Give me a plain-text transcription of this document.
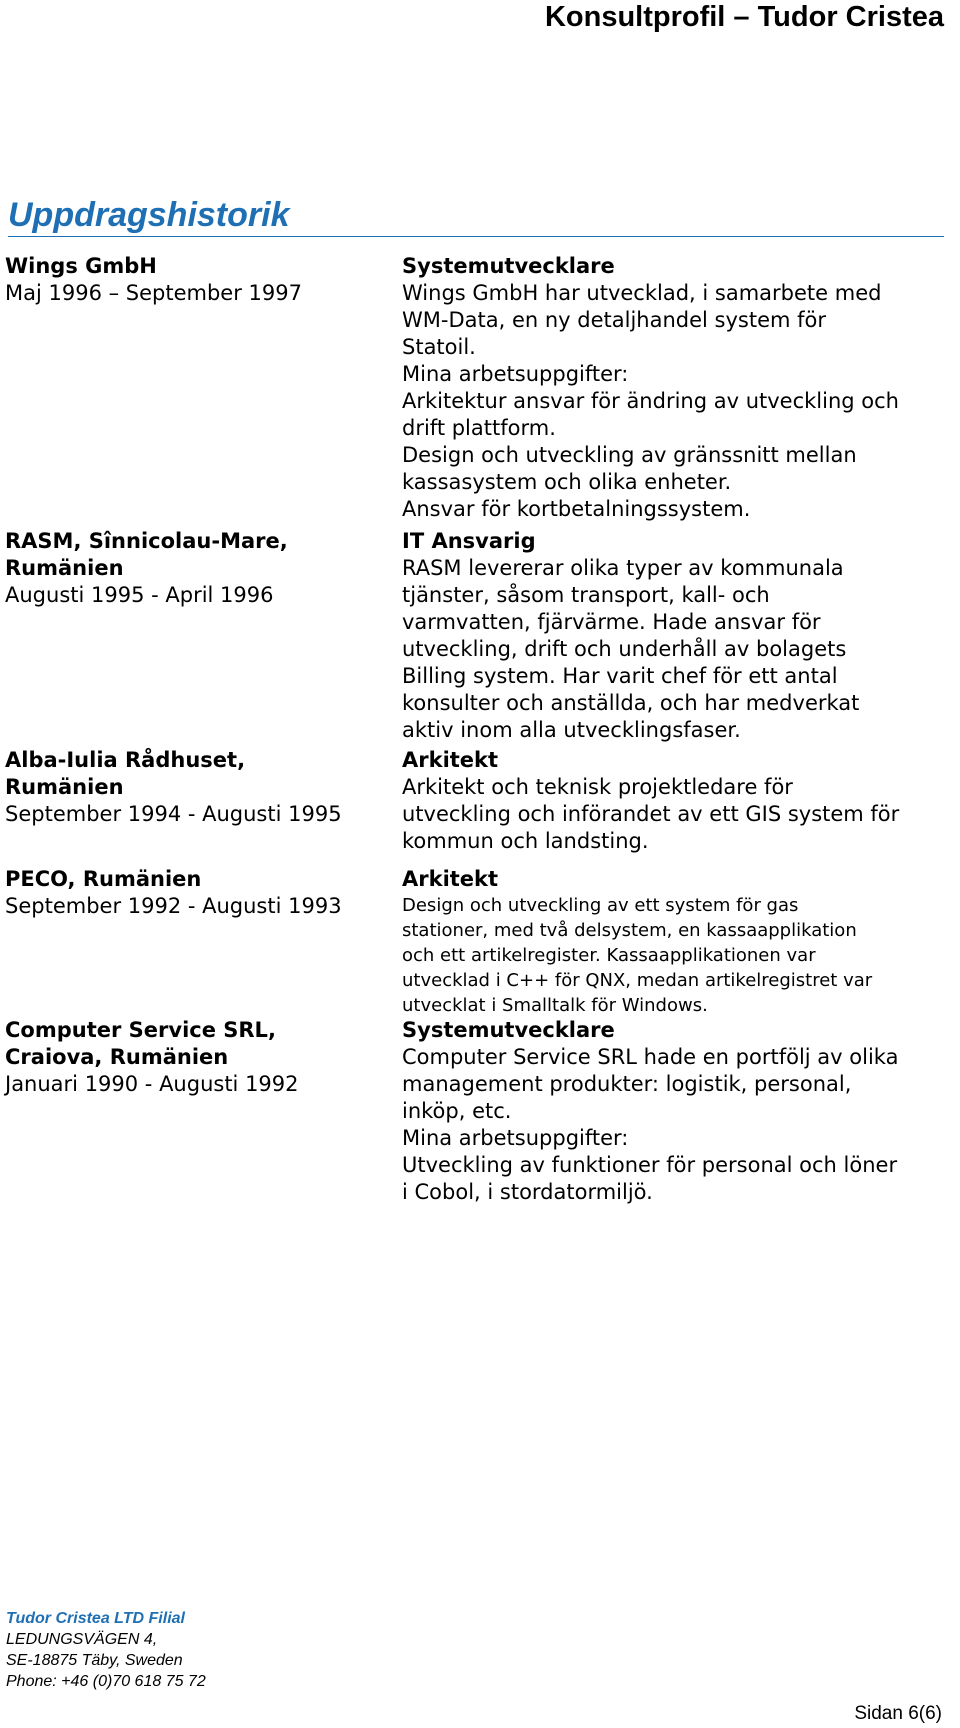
Konsultprofil – Tudor Cristea
Uppdragshistorik
Wings GmbH
Maj 1996 – September 1997
Systemutvecklare
Wings GmbH har utvecklad, i samarbete med
WM-Data, en ny detaljhandel system för
Statoil.
Mina arbetsuppgifter:
Arkitektur ansvar för ändring av utveckling och
drift plattform.
Design och utveckling av gränssnitt mellan
kassasystem och olika enheter.
Ansvar för kortbetalningssystem.
RASM, Sînnicolau-Mare,
Rumänien
Augusti 1995 - April 1996
IT Ansvarig
RASM levererar olika typer av kommunala
tjänster, såsom transport, kall- och
varmvatten, fjärvärme. Hade ansvar för
utveckling, drift och underhåll av bolagets
Billing system. Har varit chef för ett antal
konsulter och anställda, och har medverkat
aktiv inom alla utvecklingsfaser.
Alba-Iulia Rådhuset,
Rumänien
September 1994 - Augusti 1995
Arkitekt
Arkitekt och teknisk projektledare för
utveckling och införandet av ett GIS system för
kommun och landsting.
PECO, Rumänien
September 1992 - Augusti 1993
Arkitekt
Design och utveckling av ett system för gas
stationer, med två delsystem, en kassaapplikation
och ett artikelregister. Kassaapplikationen var
utvecklad i C++ för QNX, medan artikelregistret var
utvecklat i Smalltalk för Windows.
Computer Service SRL,
Craiova, Rumänien
Januari 1990 - Augusti 1992
Systemutvecklare
Computer Service SRL hade en portfölj av olika
management produkter: logistik, personal,
inköp, etc.
Mina arbetsuppgifter:
Utveckling av funktioner för personal och löner
i Cobol, i stordatormiljö.
Tudor Cristea LTD Filial
LEDUNGSVÄGEN 4,
SE-18875 Täby, Sweden
Phone: +46 (0)70 618 75 72
Sidan 6(6)
